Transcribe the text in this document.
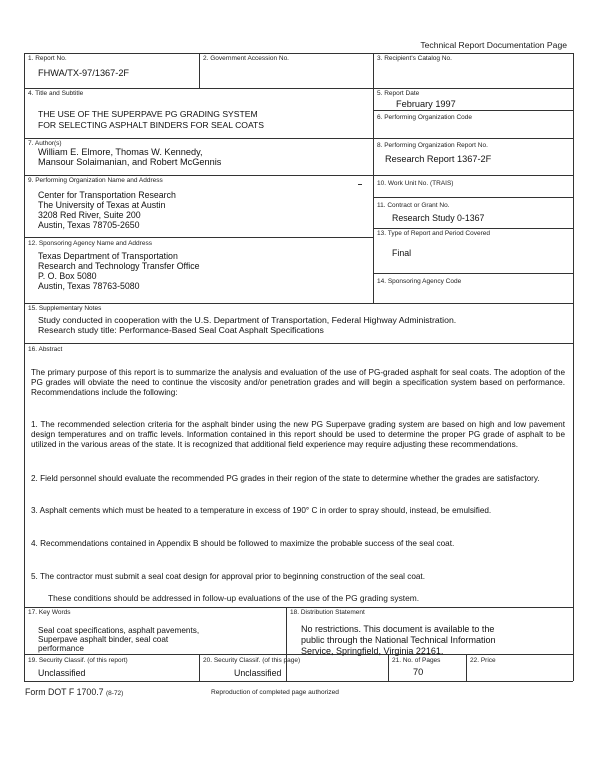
Technical Report Documentation Page
1. Report No.
FHWA/TX-97/1367-2F
2. Government Accession No.	3. Recipient's Catalog No.
4. Title and Subtitle
THE USE OF THE SUPERPAVE PG GRADING SYSTEM
FOR SELECTING ASPHALT BINDERS FOR SEAL COATS
5. Report Date
February 1997
6. Performing Organization Code
7. Author(s)
William E. Elmore, Thomas W. Kennedy,
Mansour Solaimanian, and Robert McGennis
8. Performing Organization Report No.
Research Report 1367-2F
9. Performing Organization Name and Address
Center for Transportation Research
The University of Texas at Austin
3208 Red River, Suite 200
Austin, Texas 78705-2650
10. Work Unit No. (TRAIS)
11. Contract or Grant No.
Research Study 0-1367
13. Type of Report and Period Covered
Final
12. Sponsoring Agency Name and Address
Texas Department of Transportation
Research and Technology Transfer Office
P. O. Box 5080
Austin, Texas 78763-5080	14. Sponsoring Agency Code
15. Supplementary Notes
Study conducted in cooperation with the U.S. Department of Transportation, Federal Highway Administration.
Research study title: Performance-Based Seal Coat Asphalt Specifications
16. Abstract
The primary purpose of this report is to summarize the analysis and evaluation of the use of PG-graded asphalt for seal coats. The adoption of the PG grades will obviate the need to continue the viscosity and/or penetration grades and will begin a specification system based on performance. Recommendations include the following:
1. The recommended selection criteria for the asphalt binder using the new PG Superpave grading system are based on high and low pavement design temperatures and on traffic levels. Information contained in this report should be used to determine the proper PG grade of asphalt to be utilized in the various areas of the state. It is recognized that additional field experience may require adjusting these recommendations.
2. Field personnel should evaluate the recommended PG grades in their region of the state to determine whether the grades are satisfactory.
3. Asphalt cements which must be heated to a temperature in excess of 190° C in order to spray should, instead, be emulsified.
4. Recommendations contained in Appendix B should be followed to maximize the probable success of the seal coat.
5. The contractor must submit a seal coat design for approval prior to beginning construction of the seal coat.
These conditions should be addressed in follow-up evaluations of the use of the PG grading system.
17. Key Words
Seal coat specifications, asphalt pavements,
Superpave asphalt binder, seal coat
performance
18. Distribution Statement
No restrictions. This document is available to the
public through the National Technical Information
Service, Springfield, Virginia 22161.
19. Security Classif. (of this report)
Unclassified
20. Security Classif. (of this page)
Unclassified
21. No. of Pages
70
22. Price
Form DOT F 1700.7 (8-72)	Reproduction of completed page authorized
